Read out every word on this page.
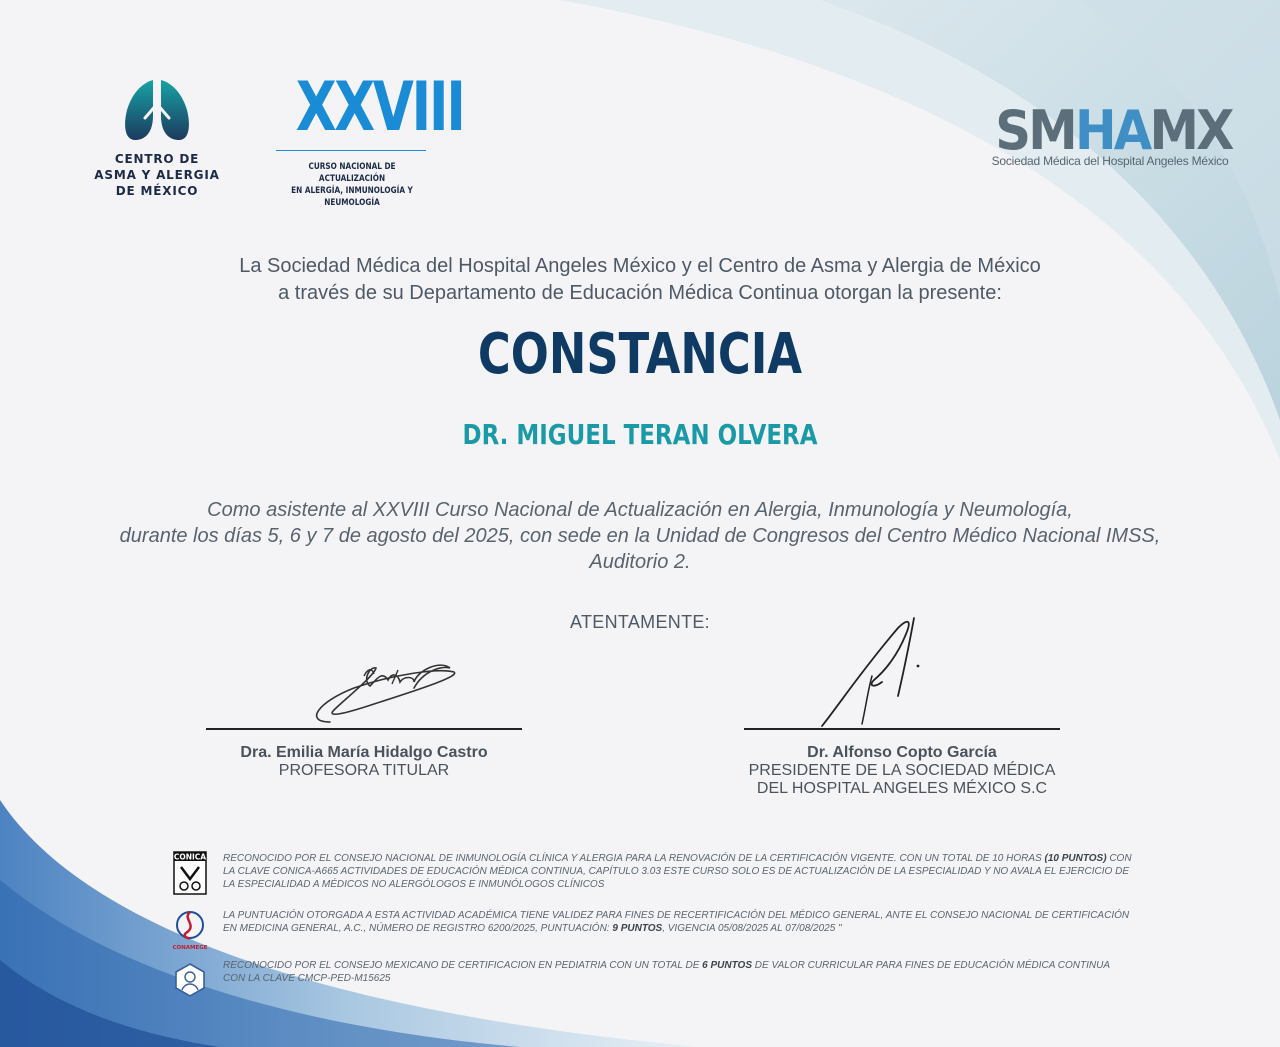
CENTRO DE
ASMA Y ALERGIA
DE MÉXICO
XXVIII
CURSO NACIONAL DE ACTUALIZACIÓN
EN ALERGÍA, INMUNOLOGÍA Y NEUMOLOGÍA
SMHAMX
Sociedad Médica del Hospital Angeles México
La Sociedad Médica del Hospital Angeles México y el Centro de Asma y Alergia de México
a través de su Departamento de Educación Médica Continua otorgan la presente:
CONSTANCIA
DR. MIGUEL TERAN OLVERA
Como asistente al XXVIII Curso Nacional de Actualización en Alergia, Inmunología y Neumología,
durante los días 5, 6 y 7 de agosto del 2025, con sede en la Unidad de Congresos del Centro Médico Nacional IMSS,
Auditorio 2.
ATENTAMENTE:
Dra. Emilia María Hidalgo Castro
PROFESORA TITULAR
Dr. Alfonso Copto García
PRESIDENTE DE LA SOCIEDAD MÉDICA
DEL HOSPITAL ANGELES MÉXICO S.C
CONICA RECONOCIDO POR EL CONSEJO NACIONAL DE INMUNOLOGÍA CLÍNICA Y ALERGIA PARA LA RENOVACIÓN DE LA CERTIFICACIÓN VIGENTE. CON UN TOTAL DE 10 HORAS (10 PUNTOS) CON LA CLAVE CONICA-A665 ACTIVIDADES DE EDUCACIÓN MÉDICA CONTINUA, CAPÍTULO 3.03 ESTE CURSO SOLO ES DE ACTUALIZACIÓN DE LA ESPECIALIDAD Y NO AVALA EL EJERCICIO DE LA ESPECIALIDAD A MÉDICOS NO ALERGÓLOGOS E INMUNÓLOGOS CLÍNICOS
CONAMEGE
LA PUNTUACIÓN OTORGADA A ESTA ACTIVIDAD ACADÉMICA TIENE VALIDEZ PARA FINES DE RECERTIFICACIÓN DEL MÉDICO GENERAL, ANTE EL CONSEJO NACIONAL DE CERTIFICACIÓN EN MEDICINA GENERAL, A.C., NÚMERO DE REGISTRO 6200/2025, PUNTUACIÓN: 9 PUNTOS, VIGENCIA 05/08/2025 AL 07/08/2025 "
RECONOCIDO POR EL CONSEJO MEXICANO DE CERTIFICACION EN PEDIATRIA CON UN TOTAL DE 6 PUNTOS DE VALOR CURRICULAR PARA FINES DE EDUCACIÓN MÉDICA CONTINUA CON LA CLAVE CMCP-PED-M15625
